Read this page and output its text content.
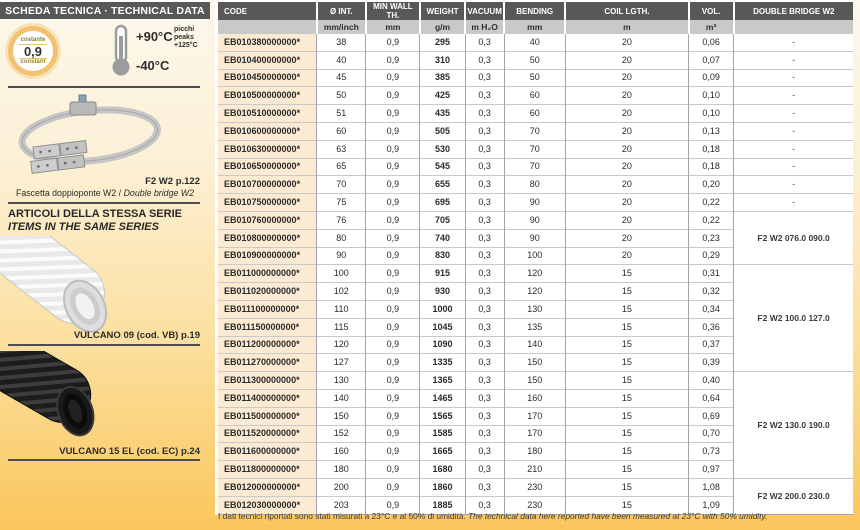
SCHEDA TECNICA · TECHNICAL DATA
costante
0,9
constant
+90°C
-40°C
picchi
peaks
+125°C
F2 W2 p.122
Fascetta doppioponte W2 / Double bridge W2
ARTICOLI DELLA STESSA SERIE
ITEMS IN THE SAME SERIES
VULCANO 09 (cod. VB) p.19
VULCANO 15 EL (cod. EC) p.24
CODE	Ø INT.	MIN WALL TH.	WEIGHT	VACUUM	BENDING	COIL LGTH.	VOL.	DOUBLE BRIDGE W2
	mm/inch	mm	g/m	m H₂O	mm	m	m³	
EB010380000000*	38	0,9	295	0,3	40	20	0,06	-
EB010400000000*	40	0,9	310	0,3	50	20	0,07	-
EB010450000000*	45	0,9	385	0,3	50	20	0,09	-
EB010500000000*	50	0,9	425	0,3	60	20	0,10	-
EB010510000000*	51	0,9	435	0,3	60	20	0,10	-
EB010600000000*	60	0,9	505	0,3	70	20	0,13	-
EB010630000000*	63	0,9	530	0,3	70	20	0,18	-
EB010650000000*	65	0,9	545	0,3	70	20	0,18	-
EB010700000000*	70	0,9	655	0,3	80	20	0,20	-
EB010750000000*	75	0,9	695	0,3	90	20	0,22	-
EB010760000000*	76	0,9	705	0,3	90	20	0,22	F2 W2 076.0 090.0
EB010800000000*	80	0,9	740	0,3	90	20	0,23	
EB010900000000*	90	0,9	830	0,3	100	20	0,29	
EB011000000000*	100	0,9	915	0,3	120	15	0,31	F2 W2 100.0 127.0
EB011020000000*	102	0,9	930	0,3	120	15	0,32	
EB011100000000*	110	0,9	1000	0,3	130	15	0,34	
EB011150000000*	115	0,9	1045	0,3	135	15	0,36	
EB011200000000*	120	0,9	1090	0,3	140	15	0,37	
EB011270000000*	127	0,9	1335	0,3	150	15	0,39	
EB011300000000*	130	0,9	1365	0,3	150	15	0,40	F2 W2 130.0 190.0
EB011400000000*	140	0,9	1465	0,3	160	15	0,64	
EB011500000000*	150	0,9	1565	0,3	170	15	0,69	
EB011520000000*	152	0,9	1585	0,3	170	15	0,70	
EB011600000000*	160	0,9	1665	0,3	180	15	0,73	
EB011800000000*	180	0,9	1680	0,3	210	15	0,97	
EB012000000000*	200	0,9	1860	0,3	230	15	1,08	F2 W2 200.0 230.0
EB012030000000*	203	0,9	1885	0,3	230	15	1,09	
I dati tecnici riportati sono stati misurati a 23°C e al 50% di umidità. The technical data here reported have been measured at 23°C with 50% umidity.
